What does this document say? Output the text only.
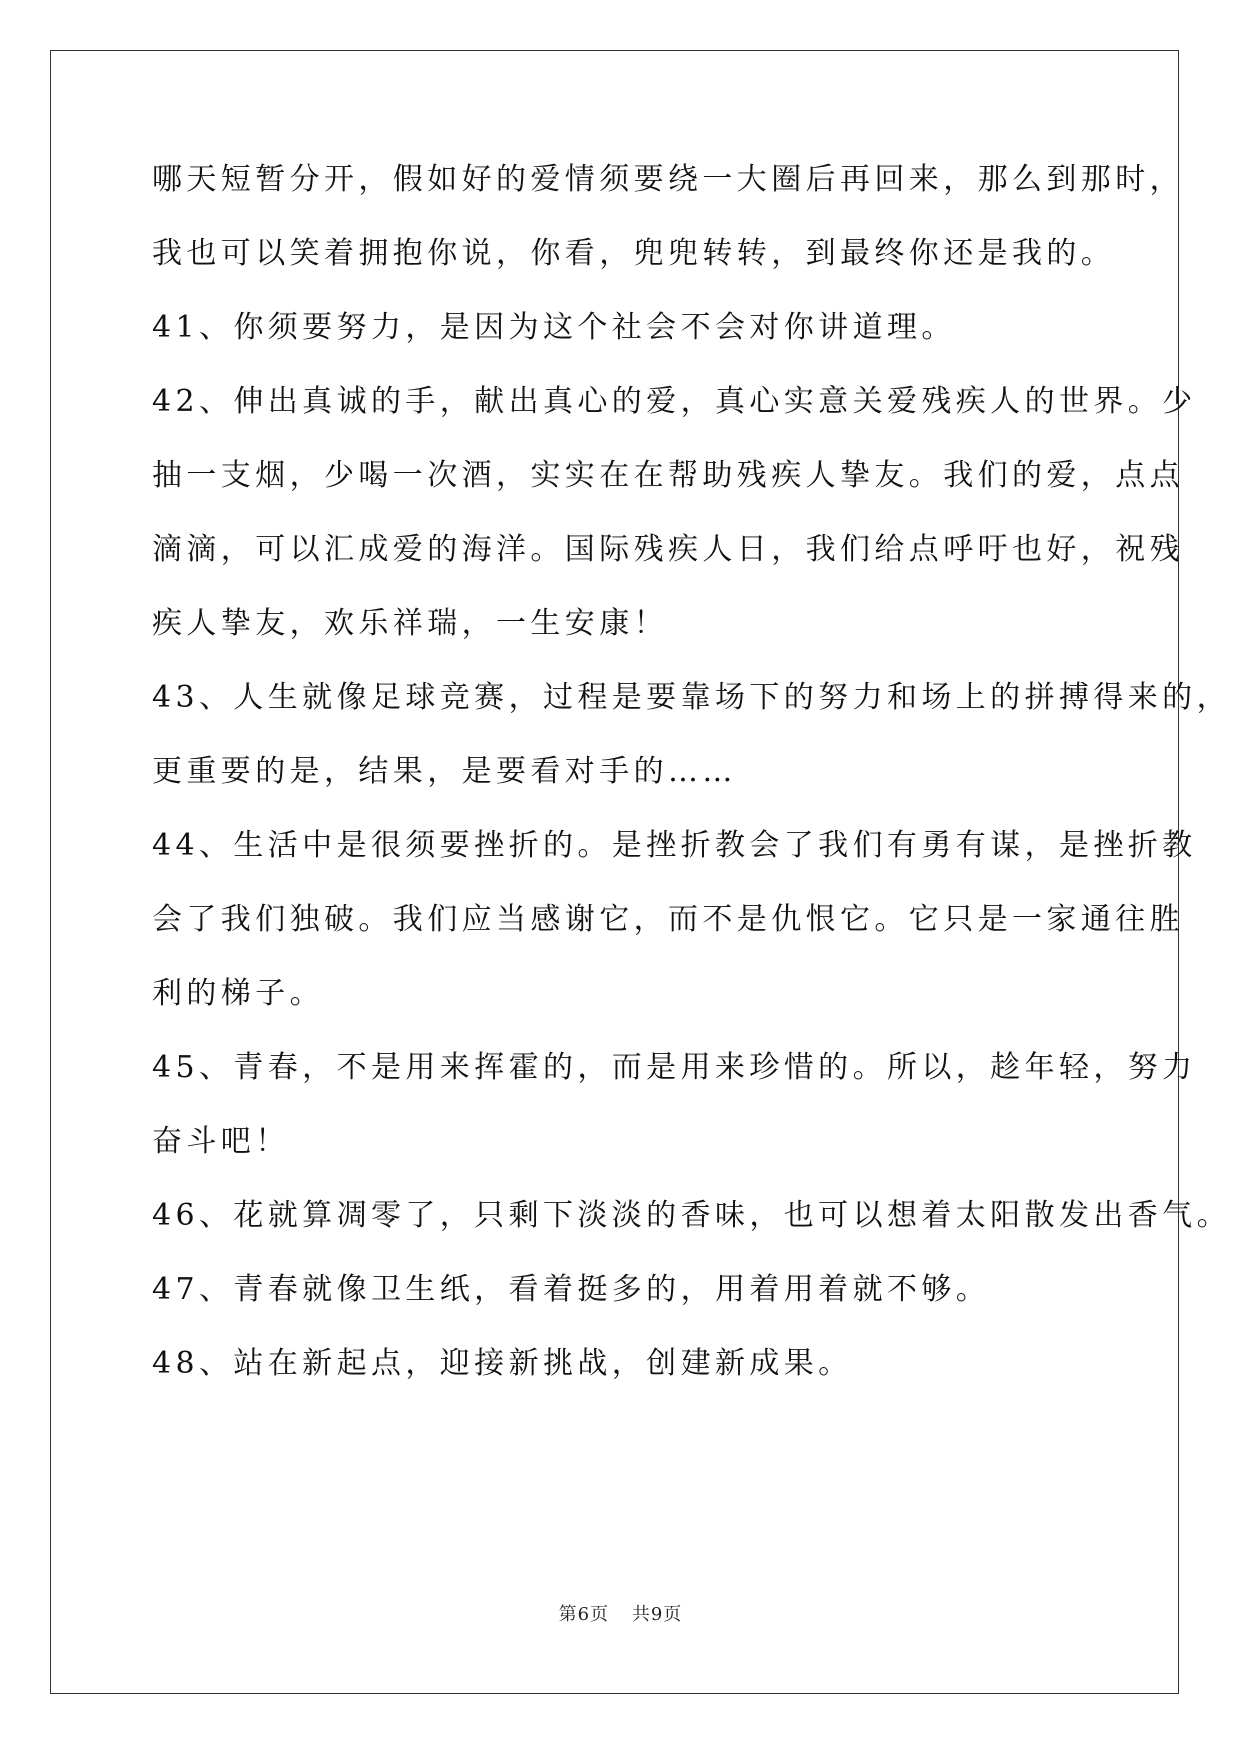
哪天短暂分开，假如好的爱情须要绕一大圈后再回来，那么到那时，
我也可以笑着拥抱你说，你看，兜兜转转，到最终你还是我的。
41、你须要努力，是因为这个社会不会对你讲道理。
42、伸出真诚的手，献出真心的爱，真心实意关爱残疾人的世界。少
抽一支烟，少喝一次酒，实实在在帮助残疾人挚友。我们的爱，点点
滴滴，可以汇成爱的海洋。国际残疾人日，我们给点呼吁也好，祝残
疾人挚友，欢乐祥瑞，一生安康！
43、人生就像足球竞赛，过程是要靠场下的努力和场上的拼搏得来的，
更重要的是，结果，是要看对手的……
44、生活中是很须要挫折的。是挫折教会了我们有勇有谋，是挫折教
会了我们独破。我们应当感谢它，而不是仇恨它。它只是一家通往胜
利的梯子。
45、青春，不是用来挥霍的，而是用来珍惜的。所以，趁年轻，努力
奋斗吧！
46、花就算凋零了，只剩下淡淡的香味，也可以想着太阳散发出香气。
47、青春就像卫生纸，看着挺多的，用着用着就不够。
48、站在新起点，迎接新挑战，创建新成果。
第6页 共9页
